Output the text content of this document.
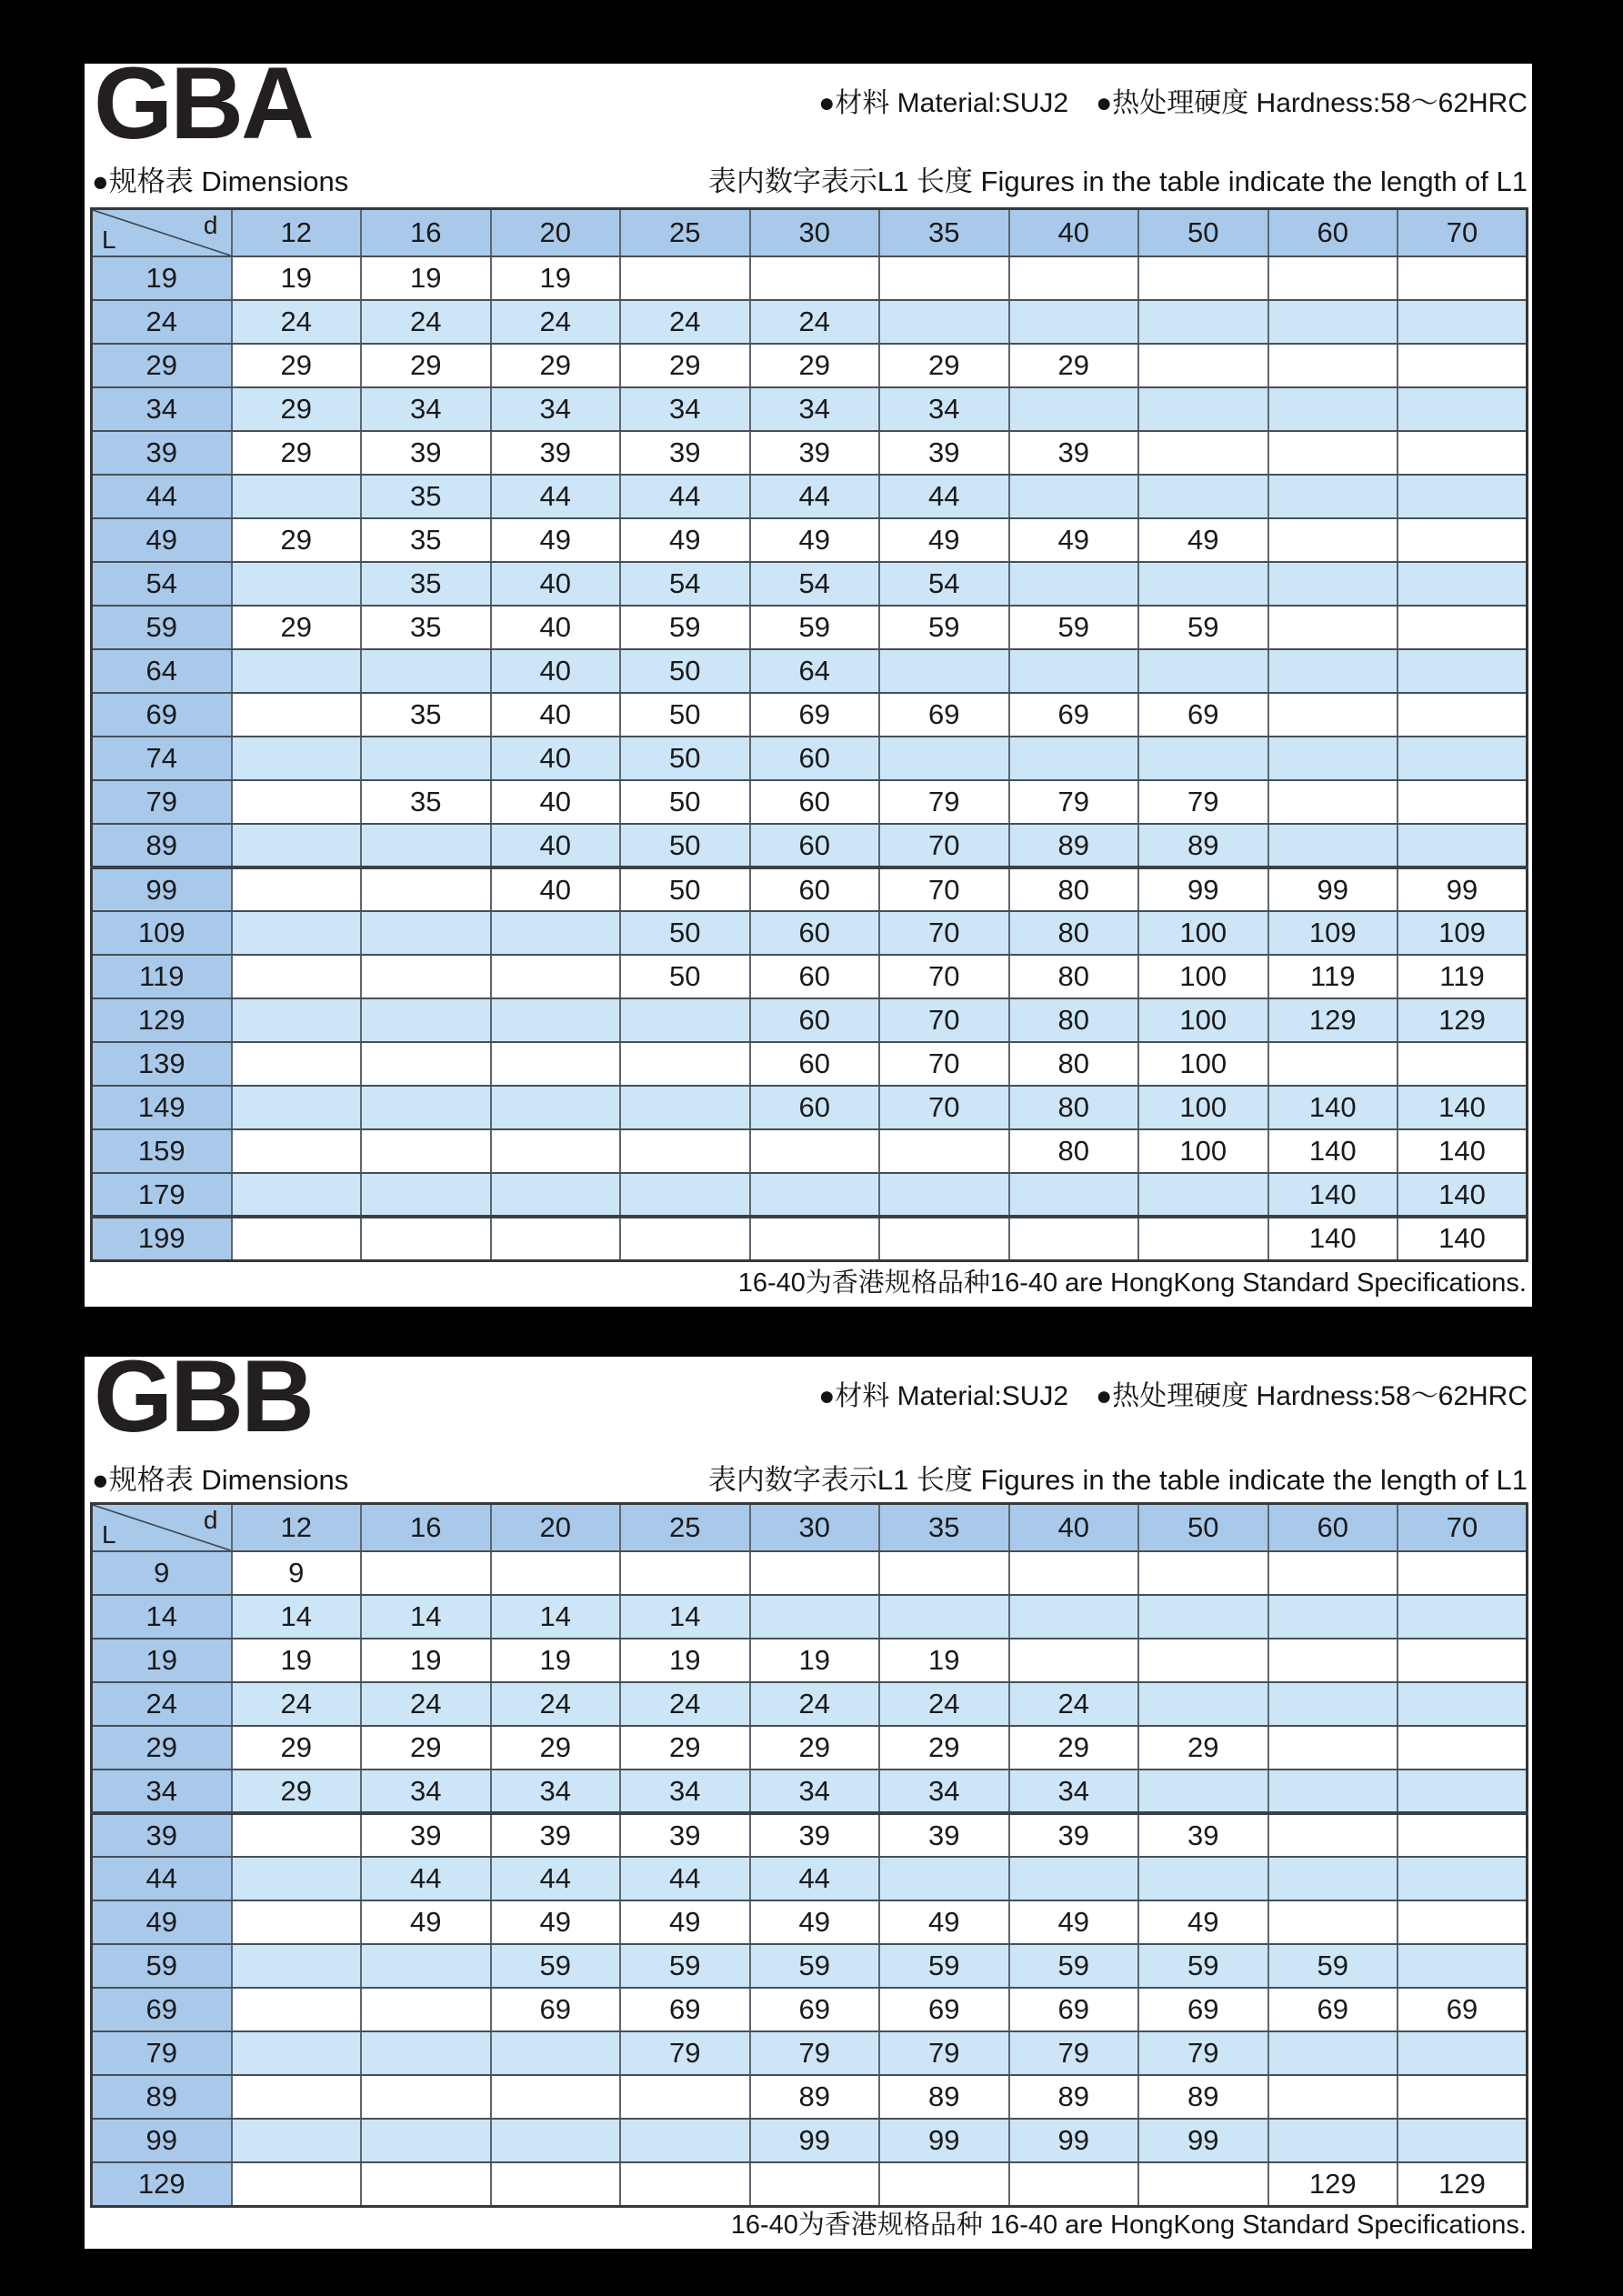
GBA	●材料 Material:SUJ2 ●热处理硬度 Hardness:58～62HRC
●规格表 Dimensions	表内数字表示L1 长度 Figures in the table indicate the length of L1
d
L	12	16	20	25	30	35	40	50	60	70
19	19	19	19							
24	24	24	24	24	24					
29	29	29	29	29	29	29	29			
34	29	34	34	34	34	34				
39	29	39	39	39	39	39	39			
44		35	44	44	44	44				
49	29	35	49	49	49	49	49	49		
54		35	40	54	54	54				
59	29	35	40	59	59	59	59	59		
64			40	50	64					
69		35	40	50	69	69	69	69		
74			40	50	60					
79		35	40	50	60	79	79	79		
89			40	50	60	70	89	89		
99			40	50	60	70	80	99	99	99
109				50	60	70	80	100	109	109
119				50	60	70	80	100	119	119
129					60	70	80	100	129	129
139					60	70	80	100		
149					60	70	80	100	140	140
159							80	100	140	140
179									140	140
199									140	140
16-40为香港规格品种16-40 are HongKong Standard Specifications.
GBB	●材料 Material:SUJ2 ●热处理硬度 Hardness:58～62HRC
●规格表 Dimensions	表内数字表示L1 长度 Figures in the table indicate the length of L1
d
L	12	16	20	25	30	35	40	50	60	70
9	9									
14	14	14	14	14						
19	19	19	19	19	19	19				
24	24	24	24	24	24	24	24			
29	29	29	29	29	29	29	29	29		
34	29	34	34	34	34	34	34			
39		39	39	39	39	39	39	39		
44		44	44	44	44					
49		49	49	49	49	49	49	49		
59			59	59	59	59	59	59	59	
69			69	69	69	69	69	69	69	69
79				79	79	79	79	79		
89					89	89	89	89		
99					99	99	99	99		
129									129	129
16-40为香港规格品种 16-40 are HongKong Standard Specifications.
